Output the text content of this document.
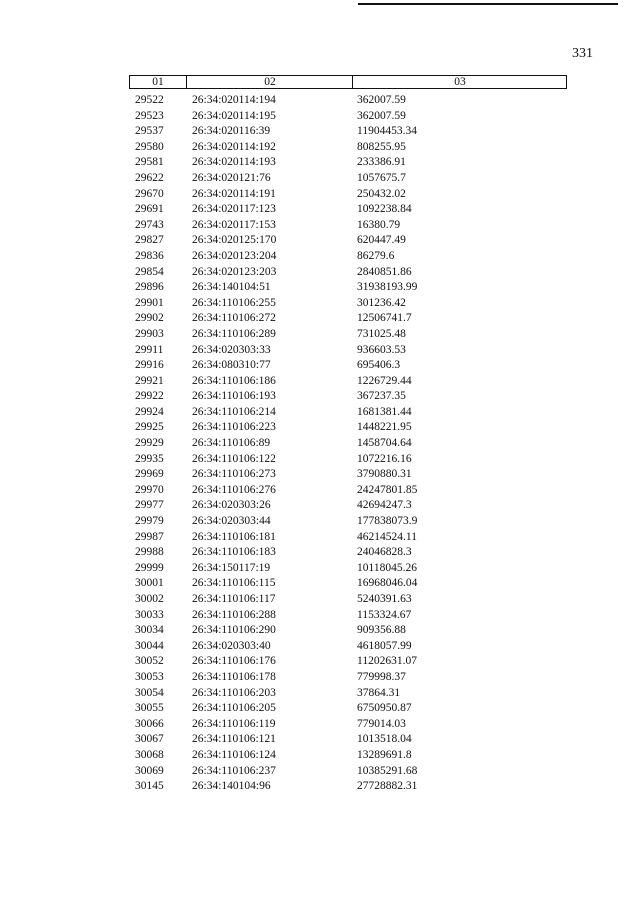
331
01	02	03
29522 26:34:020114:194	362007.59
29523 26:34:020114:195	362007.59
29537 26:34:020116:39	11904453.34
29580 26:34:020114:192	808255.95
29581 26:34:020114:193	233386.91
29622 26:34:020121:76	1057675.7
29670 26:34:020114:191	250432.02
29691 26:34:020117:123	1092238.84
29743 26:34:020117:153	16380.79
29827 26:34:020125:170	620447.49
29836 26:34:020123:204	86279.6
29854 26:34:020123:203	2840851.86
29896 26:34:140104:51	31938193.99
29901 26:34:110106:255	301236.42
29902 26:34:110106:272	12506741.7
29903 26:34:110106:289	731025.48
29911 26:34:020303:33	936603.53
29916 26:34:080310:77	695406.3
29921 26:34:110106:186	1226729.44
29922 26:34:110106:193	367237.35
29924 26:34:110106:214	1681381.44
29925 26:34:110106:223	1448221.95
29929 26:34:110106:89	1458704.64
29935 26:34:110106:122	1072216.16
29969 26:34:110106:273	3790880.31
29970 26:34:110106:276	24247801.85
29977 26:34:020303:26	42694247.3
29979 26:34:020303:44	177838073.9
29987 26:34:110106:181	46214524.11
29988 26:34:110106:183	24046828.3
29999 26:34:150117:19	10118045.26
30001 26:34:110106:115	16968046.04
30002 26:34:110106:117	5240391.63
30033 26:34:110106:288	1153324.67
30034 26:34:110106:290	909356.88
30044 26:34:020303:40	4618057.99
30052 26:34:110106:176	11202631.07
30053 26:34:110106:178	779998.37
30054 26:34:110106:203	37864.31
30055 26:34:110106:205	6750950.87
30066 26:34:110106:119	779014.03
30067 26:34:110106:121	1013518.04
30068 26:34:110106:124	13289691.8
30069 26:34:110106:237	10385291.68
30145 26:34:140104:96	27728882.31
